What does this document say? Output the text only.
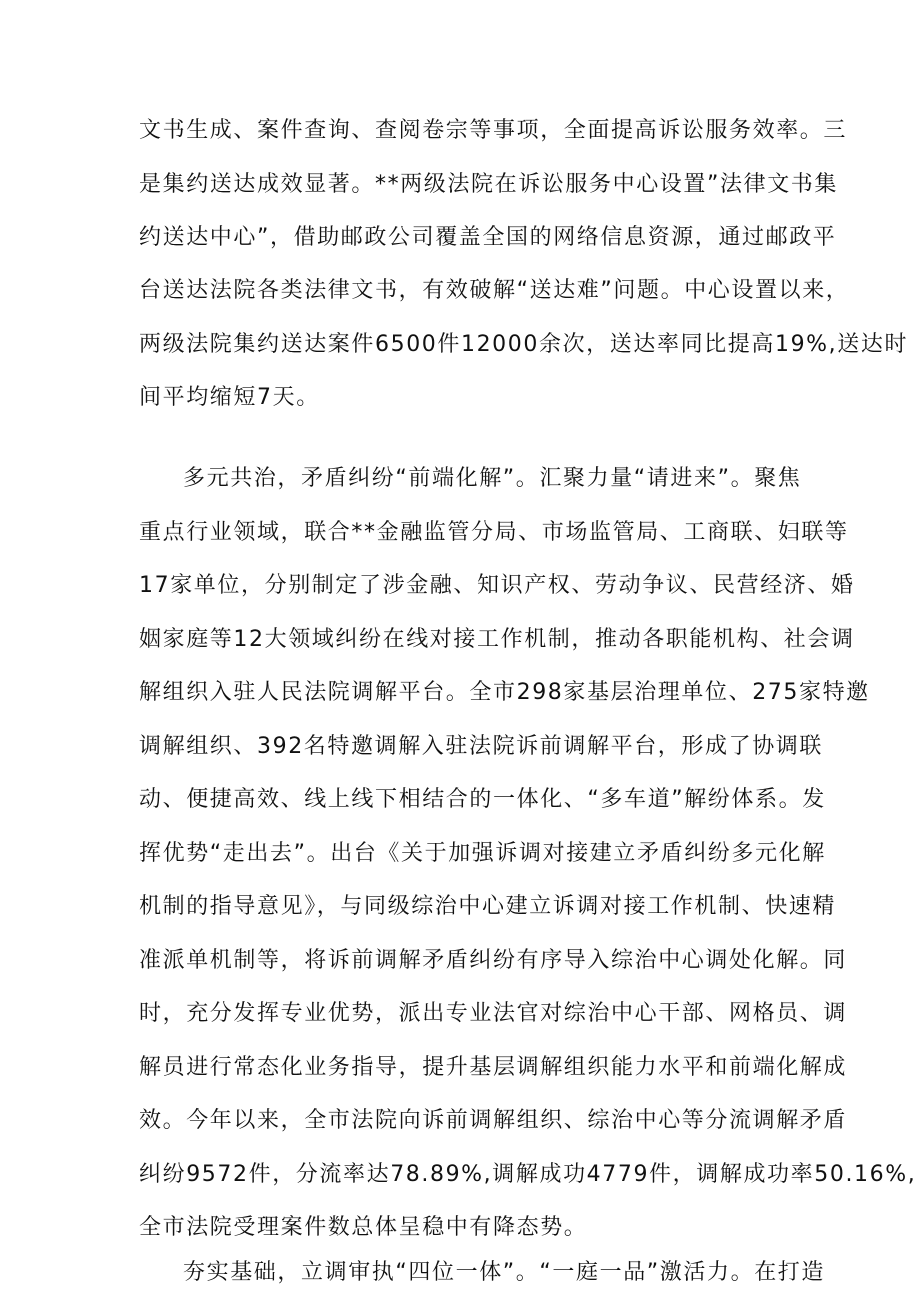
文书生成、案件查询、查阅卷宗等事项，全面提高诉讼服务效率。三
是集约送达成效显著。**两级法院在诉讼服务中心设置”法律文书集
约送达中心”，借助邮政公司覆盖全国的网络信息资源，通过邮政平
台送达法院各类法律文书，有效破解“送达难”问题。中心设置以来，
两级法院集约送达案件6500件12000余次，送达率同比提高19%,送达时
间平均缩短7天。
多元共治，矛盾纠纷“前端化解”。汇聚力量“请进来”。聚焦
重点行业领域，联合**金融监管分局、市场监管局、工商联、妇联等
17家单位，分别制定了涉金融、知识产权、劳动争议、民营经济、婚
姻家庭等12大领域纠纷在线对接工作机制，推动各职能机构、社会调
解组织入驻人民法院调解平台。全市298家基层治理单位、275家特邀
调解组织、392名特邀调解入驻法院诉前调解平台，形成了协调联
动、便捷高效、线上线下相结合的一体化、“多车道”解纷体系。发
挥优势“走出去”。出台《关于加强诉调对接建立矛盾纠纷多元化解
机制的指导意见》，与同级综治中心建立诉调对接工作机制、快速精
准派单机制等，将诉前调解矛盾纠纷有序导入综治中心调处化解。同
时，充分发挥专业优势，派出专业法官对综治中心干部、网格员、调
解员进行常态化业务指导，提升基层调解组织能力水平和前端化解成
效。今年以来，全市法院向诉前调解组织、综治中心等分流调解矛盾
纠纷9572件，分流率达78.89%,调解成功4779件，调解成功率50.16%,
全市法院受理案件数总体呈稳中有降态势。
夯实基础，立调审执“四位一体”。“一庭一品”激活力。在打造
